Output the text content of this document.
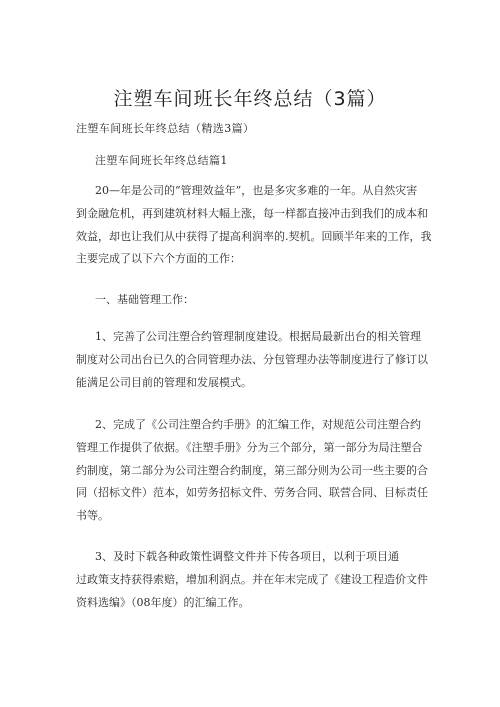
注塑车间班长年终总结（3篇）
注塑车间班长年终总结（精选3篇）
注塑车间班长年终总结篇1

20—年是公司的“管理效益年”，也是多灾多难的一年。从自然灾害
到金融危机，再到建筑材料大幅上涨，每一样都直接冲击到我们的成本和
效益，却也让我们从中获得了提高利润率的.契机。回顾半年来的工作，我
主要完成了以下六个方面的工作：

一、基础管理工作：

1、完善了公司注塑合约管理制度建设。根据局最新出台的相关管理
制度对公司出台已久的合同管理办法、分包管理办法等制度进行了修订以
能满足公司目前的管理和发展模式。

2、完成了《公司注塑合约手册》的汇编工作，对规范公司注塑合约
管理工作提供了依据。《注塑手册》分为三个部分，第一部分为局注塑合
约制度，第二部分为公司注塑合约制度，第三部分则为公司一些主要的合
同（招标文件）范本，如劳务招标文件、劳务合同、联营合同、目标责任
书等。

3、及时下载各种政策性调整文件并下传各项目，以利于项目通
过政策支持获得索赔，增加利润点。并在年末完成了《建设工程造价文件
资料选编》（08年度）的汇编工作。
